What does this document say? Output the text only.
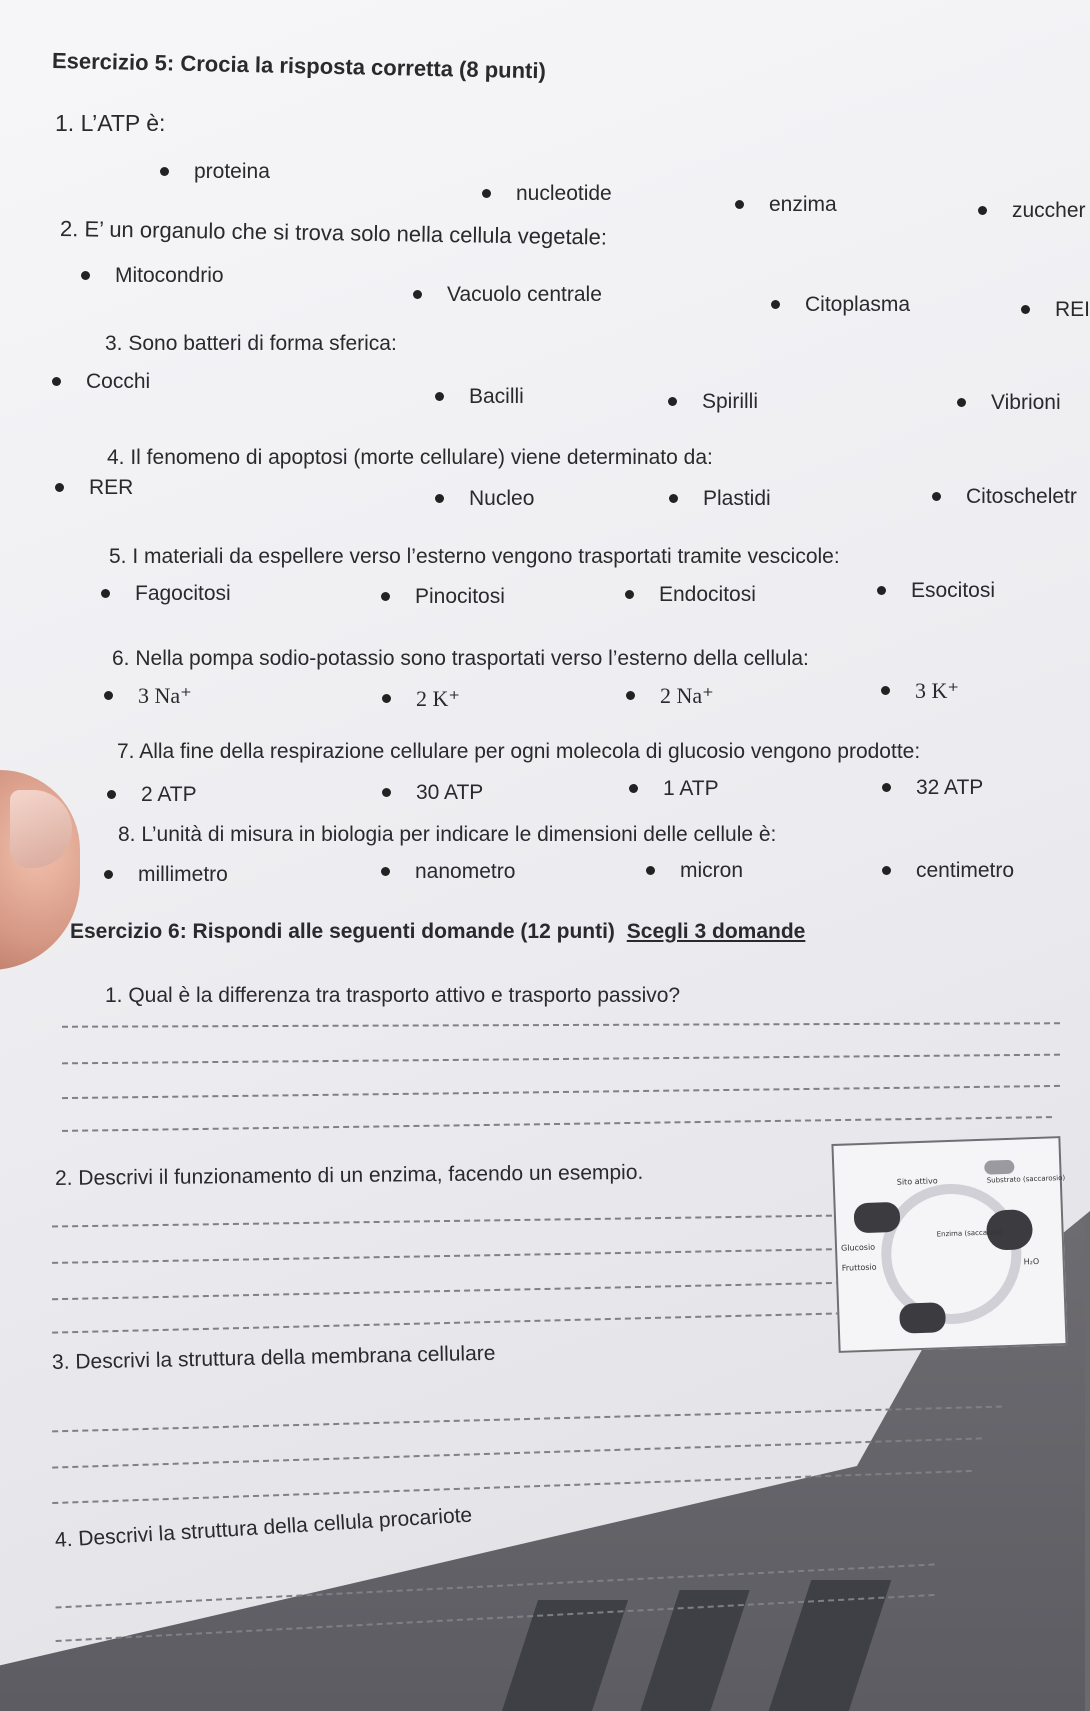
Esercizio 5: Crocia la risposta corretta (8 punti)
1. L’ATP è:
proteina
nucleotide	enzima	zuccher
2. E’ un organulo che si trova solo nella cellula vegetale:
Mitocondrio
Vacuolo centrale	Citoplasma	REI
3. Sono batteri di forma sferica:
Cocchi
Bacilli	Spirilli	Vibrioni
4. Il fenomeno di apoptosi (morte cellulare) viene determinato da:
RER	Nucleo	Plastidi	Citoscheletr
5. I materiali da espellere verso l’esterno vengono trasportati tramite vescicole:
Fagocitosi	Pinocitosi	Endocitosi	Esocitosi
6. Nella pompa sodio-potassio sono trasportati verso l’esterno della cellula:
3 Na⁺	2 K⁺	2 Na⁺	3 K⁺
7. Alla fine della respirazione cellulare per ogni molecola di glucosio vengono prodotte:
2 ATP	30 ATP	1 ATP	32 ATP
8. L’unità di misura in biologia per indicare le dimensioni delle cellule è:
millimetro	nanometro	micron	centimetro
Esercizio 6: Rispondi alle seguenti domande (12 punti) Scegli 3 domande
1. Qual è la differenza tra trasporto attivo e trasporto passivo?
2. Descrivi il funzionamento di un enzima, facendo un esempio.	Sito attivo	Substrato (saccarosio)
Enzima (saccarasi)
Glucosio
Fruttosio
H₂O
3. Descrivi la struttura della membrana cellulare
4. Descrivi la struttura della cellula procariote
